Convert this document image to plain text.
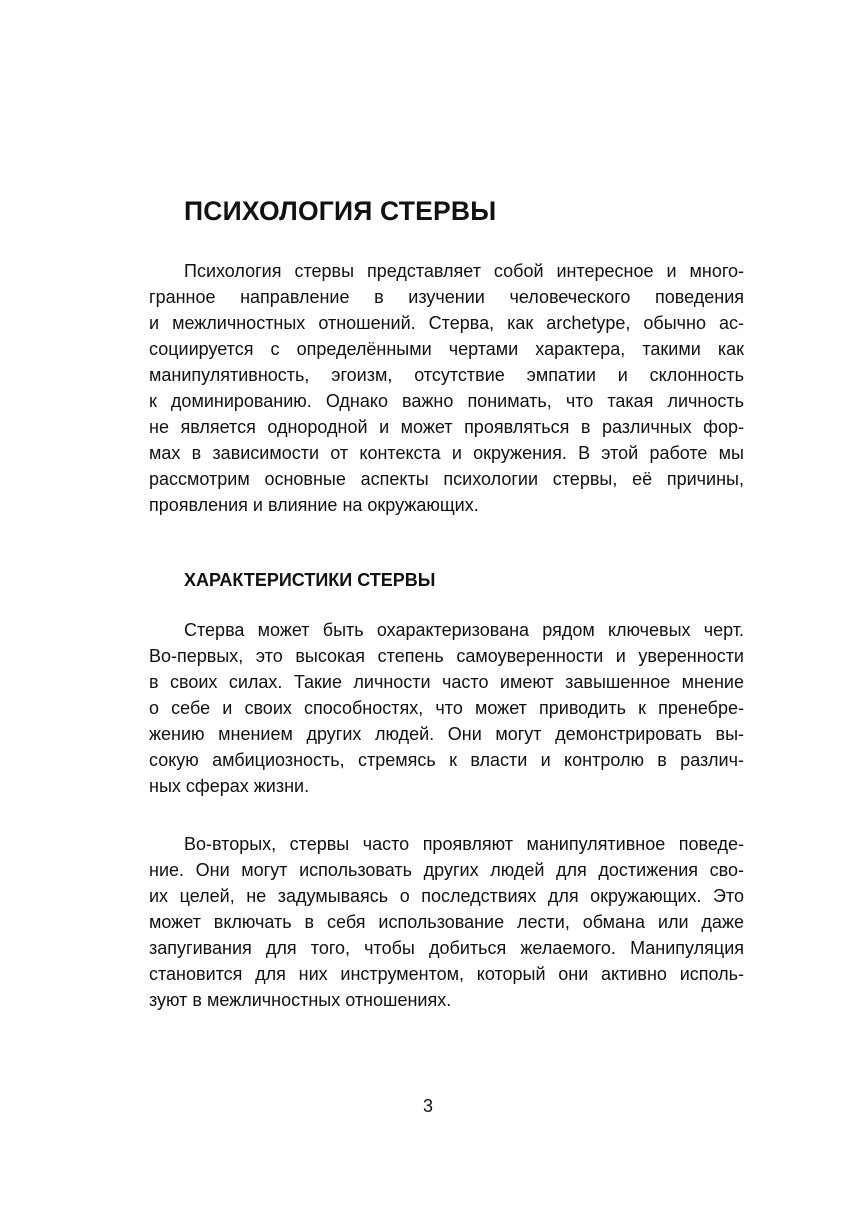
ПСИХОЛОГИЯ СТЕРВЫ
Психология стервы представляет собой интересное и много-
гранное направление в изучении человеческого поведения
и межличностных отношений. Стерва, как archetype, обычно ас-
социируется с определёнными чертами характера, такими как
манипулятивность, эгоизм, отсутствие эмпатии и склонность
к доминированию. Однако важно понимать, что такая личность
не является однородной и может проявляться в различных фор-
мах в зависимости от контекста и окружения. В этой работе мы
рассмотрим основные аспекты психологии стервы, её причины,
проявления и влияние на окружающих.
ХАРАКТЕРИСТИКИ СТЕРВЫ
Стерва может быть охарактеризована рядом ключевых черт.
Во-первых, это высокая степень самоуверенности и уверенности
в своих силах. Такие личности часто имеют завышенное мнение
о себе и своих способностях, что может приводить к пренебре-
жению мнением других людей. Они могут демонстрировать вы-
сокую амбициозность, стремясь к власти и контролю в различ-
ных сферах жизни.
Во-вторых, стервы часто проявляют манипулятивное поведе-
ние. Они могут использовать других людей для достижения сво-
их целей, не задумываясь о последствиях для окружающих. Это
может включать в себя использование лести, обмана или даже
запугивания для того, чтобы добиться желаемого. Манипуляция
становится для них инструментом, который они активно исполь-
зуют в межличностных отношениях.
3
